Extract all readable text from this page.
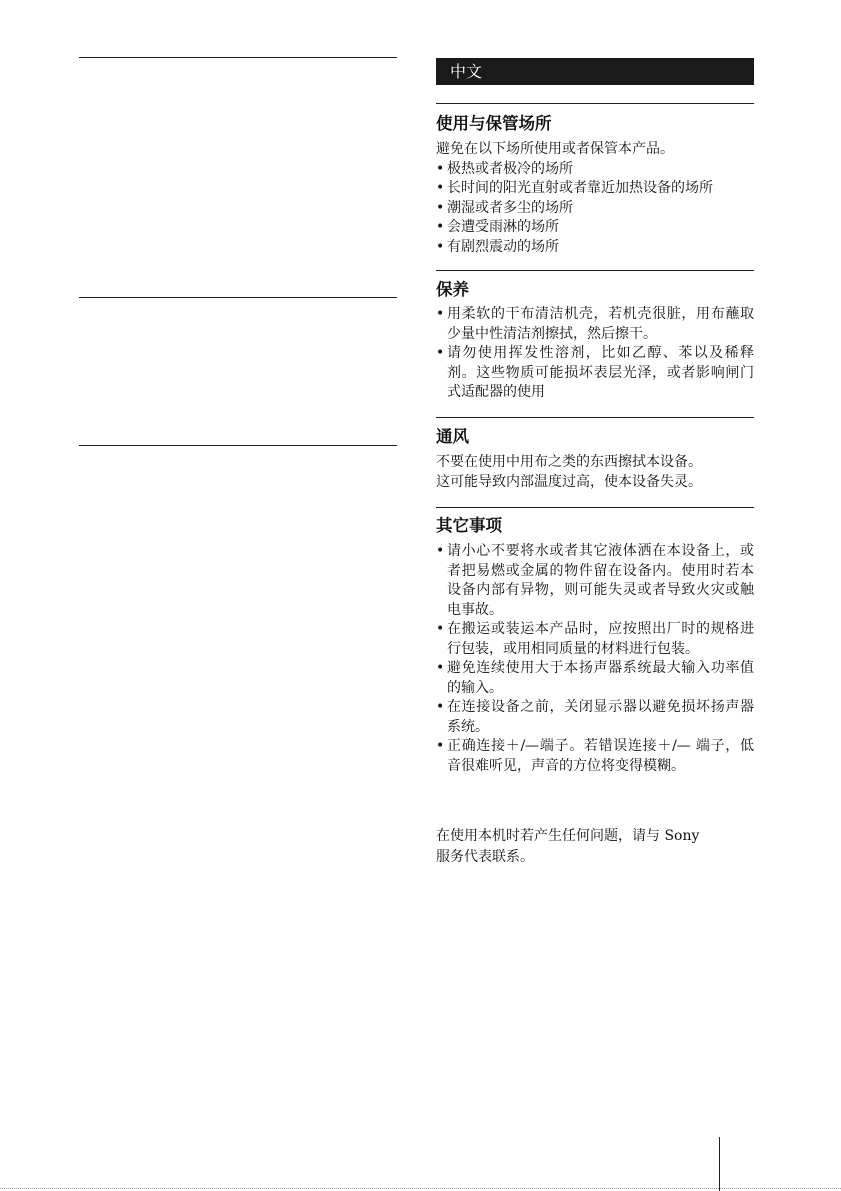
中文
使用与保管场所

避免在以下场所使用或者保管本产品。

• 极热或者极冷的场所
• 长时间的阳光直射或者靠近加热设备的场所
• 潮湿或者多尘的场所
• 会遭受雨淋的场所
• 有剧烈震动的场所
保养
• 用柔软的干布清洁机壳，若机壳很脏，用布蘸取少量中性清洁剂擦拭，然后擦干。
• 请勿使用挥发性溶剂，比如乙醇、苯以及稀释剂。这些物质可能损坏表层光泽，或者影响闸门式适配器的使用
通风

不要在使用中用布之类的东西擦拭本设备。

这可能导致内部温度过高，使本设备失灵。

其它事项
• 请小心不要将水或者其它液体洒在本设备上，或者把易燃或金属的物件留在设备内。使用时若本设备内部有异物，则可能失灵或者导致火灾或触电事故。
• 在搬运或装运本产品时，应按照出厂时的规格进行包装，或用相同质量的材料进行包装。
• 避免连续使用大于本扬声器系统最大输入功率值的输入。
• 在连接设备之前，关闭显示器以避免损坏扬声器系统。
• 正确连接＋/—端子。若错误连接＋/— 端子，低音很难听见，声音的方位将变得模糊。
在使用本机时若产生任何问题，请与 Sony
服务代表联系。
